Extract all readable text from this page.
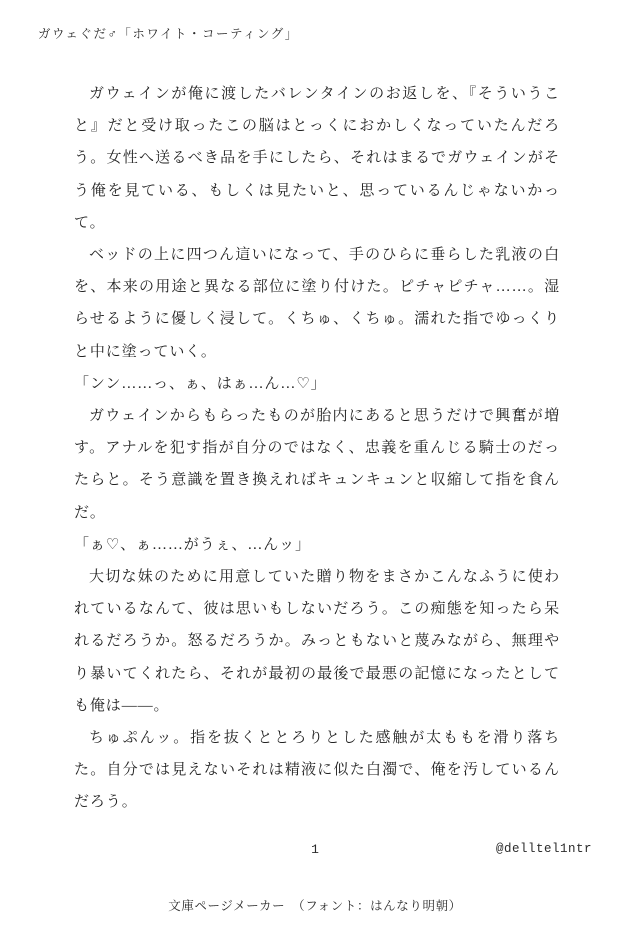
ガウェぐだ♂「ホワイト・コーティング」

ガウェインが俺に渡したバレンタインのお返しを、『そういうこと』だと受け取ったこの脳はとっくにおかしくなっていたんだろう。女性へ送るべき品を手にしたら、それはまるでガウェインがそう俺を見ている、もしくは見たいと、思っているんじゃないかって。

ベッドの上に四つん這いになって、手のひらに垂らした乳液の白を、本来の用途と異なる部位に塗り付けた。ピチャピチャ……。湿らせるように優しく浸して。くちゅ、くちゅ。濡れた指でゆっくりと中に塗っていく。

「ンン……っ、ぁ、はぁ…ん…♡」

ガウェインからもらったものが胎内にあると思うだけで興奮が増す。アナルを犯す指が自分のではなく、忠義を重んじる騎士のだったらと。そう意識を置き換えればキュンキュンと収縮して指を食んだ。

「ぁ♡、ぁ……がうぇ、…んッ」

大切な妹のために用意していた贈り物をまさかこんなふうに使われているなんて、彼は思いもしないだろう。この痴態を知ったら呆れるだろうか。怒るだろうか。みっともないと蔑みながら、無理やり暴いてくれたら、それが最初の最後で最悪の記憶になったとしても俺は――。

ちゅぷんッ。指を抜くととろりとした感触が太ももを滑り落ちた。自分では見えないそれは精液に似た白濁で、俺を汚しているんだろう。

1	@delltel1ntr
文庫ページメーカー　（フォント：はんなり明朝）
